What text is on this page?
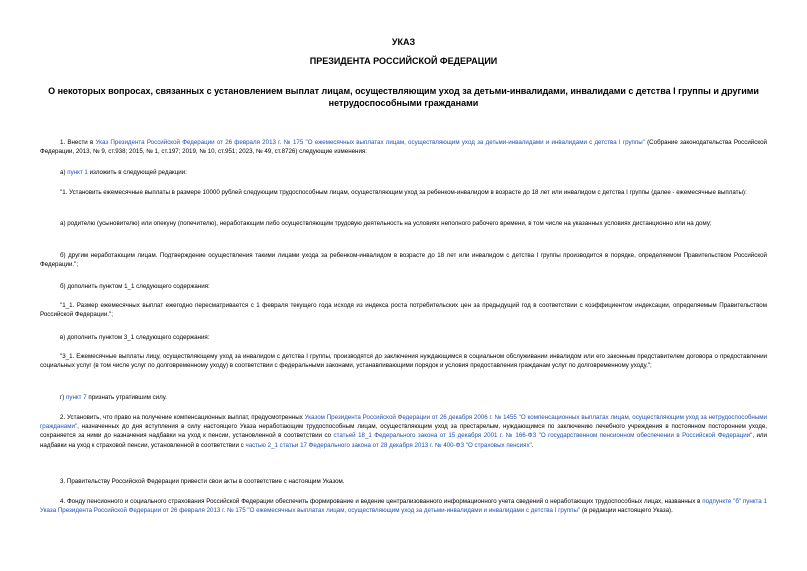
УКАЗ
ПРЕЗИДЕНТА РОССИЙСКОЙ ФЕДЕРАЦИИ
О некоторых вопросах, связанных с установлением выплат лицам, осуществляющим уход за детьми-инвалидами, инвалидами с детства I группы и другими нетрудоспособными гражданами
1. Внести в Указ Президента Российской Федерации от 26 февраля 2013 г. № 175 "О ежемесячных выплатах лицам, осуществляющим уход за детьми-инвалидами и инвалидами с детства I группы" (Собрание законодательства Российской Федерации, 2013, № 9, ст.938; 2015, № 1, ст.197; 2019, № 10, ст.951; 2023, № 49, ст.8726) следующие изменения:
а) пункт 1 изложить в следующей редакции:
"1. Установить ежемесячные выплаты в размере 10000 рублей следующим трудоспособным лицам, осуществляющим уход за ребенком-инвалидом в возрасте до 18 лет или инвалидом с детства I группы (далее - ежемесячные выплаты):
а) родителю (усыновителю) или опекуну (попечителю), неработающим либо осуществляющим трудовую деятельность на условиях неполного рабочего времени, в том числе на указанных условиях дистанционно или на дому;
б) другим неработающим лицам. Подтверждение осуществления такими лицами ухода за ребенком-инвалидом в возрасте до 18 лет или инвалидом с детства I группы производится в порядке, определяемом Правительством Российской Федерации.";
б) дополнить пунктом 1_1 следующего содержания:
"1_1. Размер ежемесячных выплат ежегодно пересматривается с 1 февраля текущего года исходя из индекса роста потребительских цен за предыдущий год в соответствии с коэффициентом индексации, определяемым Правительством Российской Федерации.";
в) дополнить пунктом 3_1 следующего содержания:
"3_1. Ежемесячные выплаты лицу, осуществляющему уход за инвалидом с детства I группы, производятся до заключения нуждающимся в социальном обслуживании инвалидом или его законным представителем договора о предоставлении социальных услуг (в том числе услуг по долговременному уходу) в соответствии с федеральными законами, устанавливающими порядок и условия предоставления гражданам услуг по долговременному уходу.";
г) пункт 7 признать утратившим силу.
2. Установить, что право на получение компенсационных выплат, предусмотренных Указом Президента Российской Федерации от 26 декабря 2006 г. № 1455 "О компенсационных выплатах лицам, осуществляющим уход за нетрудоспособными гражданами", назначенных до дня вступления в силу настоящего Указа неработающим трудоспособным лицам, осуществляющим уход за престарелым, нуждающимся по заключению лечебного учреждения в постоянном постороннем уходе, сохраняется за ними до назначения надбавки на уход к пенсии, установленной в соответствии со статьей 18_1 Федерального закона от 15 декабря 2001 г. № 166-ФЗ "О государственном пенсионном обеспечении в Российской Федерации", или надбавки на уход к страховой пенсии, установленной в соответствии с частью 2_1 статьи 17 Федерального закона от 28 декабря 2013 г. № 400-ФЗ "О страховых пенсиях".
3. Правительству Российской Федерации привести свои акты в соответствие с настоящим Указом.
4. Фонду пенсионного и социального страхования Российской Федерации обеспечить формирование и ведение централизованного информационного учета сведений о неработающих трудоспособных лицах, названных в подпункте "б" пункта 1 Указа Президента Российской Федерации от 26 февраля 2013 г. № 175 "О ежемесячных выплатах лицам, осуществляющим уход за детьми-инвалидами и инвалидами с детства I группы" (в редакции настоящего Указа).
